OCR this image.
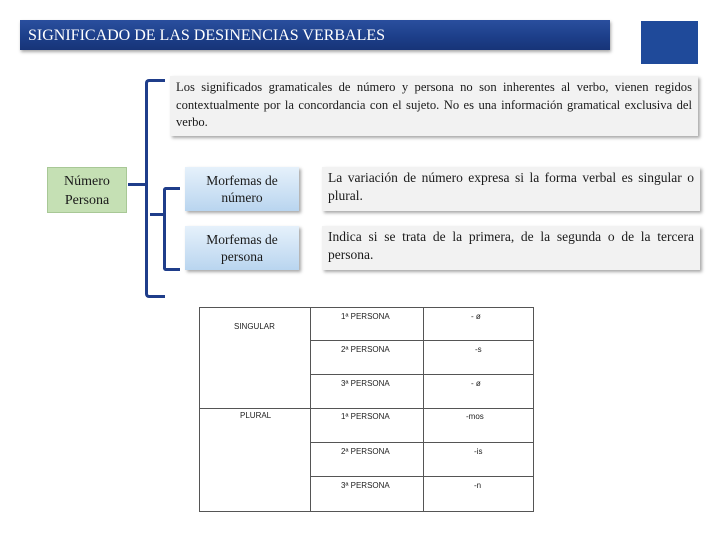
SIGNIFICADO DE LAS DESINENCIAS VERBALES
Los significados gramaticales de número y persona no son inherentes al verbo, vienen regidos contextualmente por la concordancia con el sujeto. No es una información gramatical exclusiva del verbo.
Número
Persona
Morfemas de
número
La variación de número expresa si la forma verbal es singular o plural.
Morfemas de
persona
Indica si se trata de la primera, de la segunda o de la tercera persona.
SINGULAR
PLURAL
1ª PERSONA
2ª PERSONA
3ª PERSONA
1ª PERSONA
2ª PERSONA
3ª PERSONA
- ø
-s
- ø
-mos
-is
-n
